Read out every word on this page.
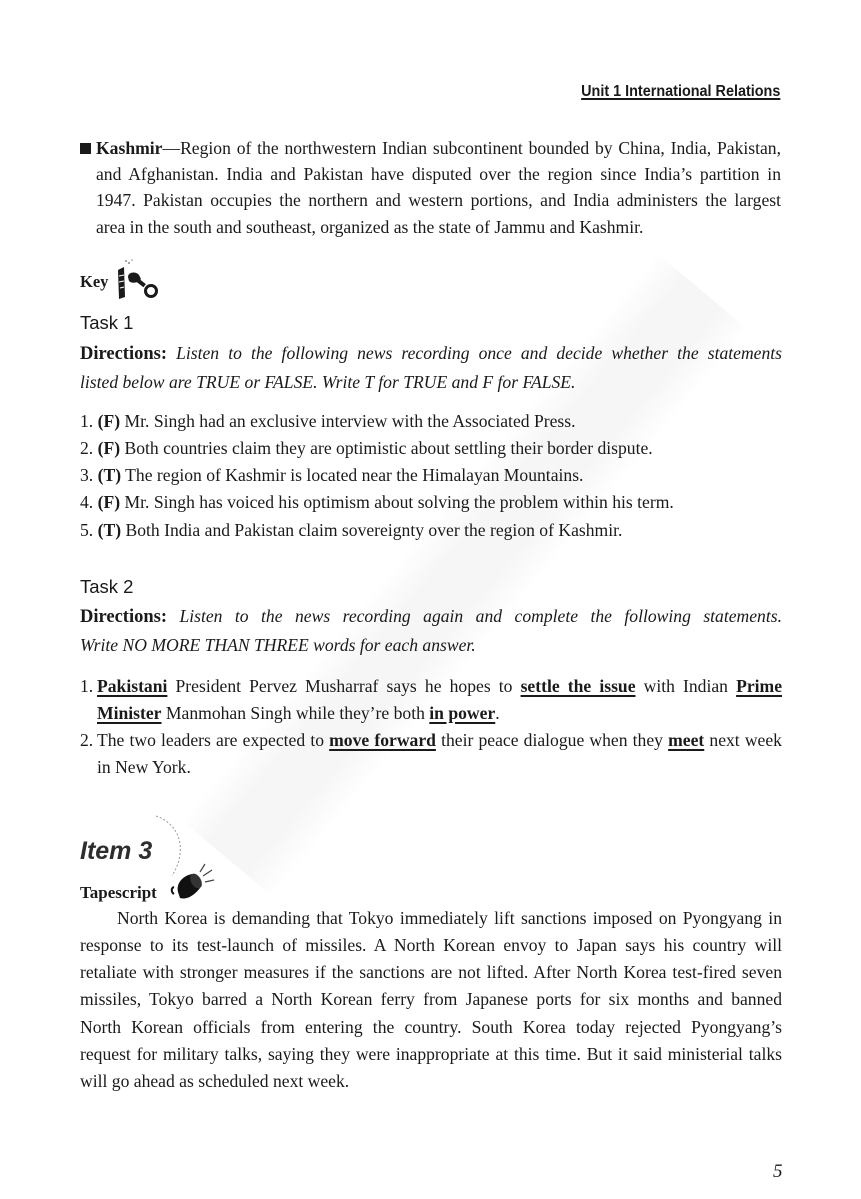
Unit 1 International Relations
Kashmir—Region of the northwestern Indian subcontinent bounded by China, India, Pakistan,
and Afghanistan. India and Pakistan have disputed over the region since India’s partition in
1947. Pakistan occupies the northern and western portions, and India administers the largest
area in the south and southeast, organized as the state of Jammu and Kashmir.
Key
Task 1
Directions: Listen to the following news recording once and decide whether the statements
listed below are TRUE or FALSE. Write T for TRUE and F for FALSE.
1. (F) Mr. Singh had an exclusive interview with the Associated Press.
2. (F) Both countries claim they are optimistic about settling their border dispute.
3. (T) The region of Kashmir is located near the Himalayan Mountains.
4. (F) Mr. Singh has voiced his optimism about solving the problem within his term.
5. (T) Both India and Pakistan claim sovereignty over the region of Kashmir.
Task 2
Directions: Listen to the news recording again and complete the following statements.
Write NO MORE THAN THREE words for each answer.
1. Pakistani President Pervez Musharraf says he hopes to settle the issue with Indian Prime
Minister Manmohan Singh while they’re both in power.
2. The two leaders are expected to move forward their peace dialogue when they meet next week
in New York.
Item 3
Tapescript
North Korea is demanding that Tokyo immediately lift sanctions imposed on Pyongyang in
response to its test-launch of missiles. A North Korean envoy to Japan says his country will
retaliate with stronger measures if the sanctions are not lifted. After North Korea test-fired seven
missiles, Tokyo barred a North Korean ferry from Japanese ports for six months and banned
North Korean officials from entering the country. South Korea today rejected Pyongyang’s
request for military talks, saying they were inappropriate at this time. But it said ministerial talks
will go ahead as scheduled next week.
5
